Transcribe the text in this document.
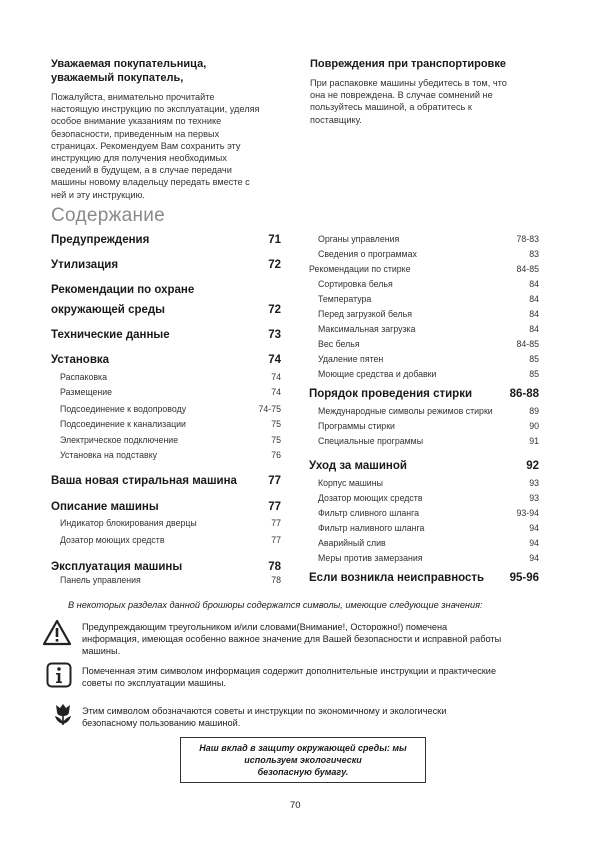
Уважаемая покупательница,
уважаемый покупатель,
Пожалуйста, внимательно прочитайте
настоящую инструкцию по эксплуатации, уделяя
особое внимание указаниям по технике
безопасности, приведенным на первых
страницах. Рекомендуем Вам сохранить эту
инструкцию для получения необходимых
сведений в будущем, а в случае передачи
машины новому владельцу передать вместе с
ней и эту инструкцию.
Повреждения при транспортировке
При распаковке машины убедитесь в том, что
она не повреждена. В случае сомнений не
пользуйтесь машиной, а обратитесь к
поставщику.
Содержание
Предупреждения	71
Утилизация	72
Рекомендации по охране
окружающей среды	72
Технические данные	73
Установка	74
Распаковка	74
Размещение	74
Подсоединение к водопроводу	74-75
Подсоединение к канализации	75
Электрическое подключение	75
Установка на подставку	76
Ваша новая стиральная машина	77
Описание машины	77
Индикатор блокирования дверцы	77
Дозатор моющих средств	77
Эксплуатация машины	78
Панель управления	78
Органы управления	78-83
Сведения о программах	83
Рекомендации по стирке	84-85
Сортировка белья	84
Температура	84
Перед загрузкой белья	84
Максимальная загрузка	84
Вес белья	84-85
Удаление пятен	85
Моющие средства и добавки	85
Порядок проведения стирки	86-88
Международные символы режимов стирки	89
Программы стирки	90
Специальные программы	91
Уход за машиной	92
Корпус машины	93
Дозатор моющих средств	93
Фильтр сливного шланга	93-94
Фильтр наливного шланга	94
Аварийный слив	94
Меры против замерзания	94
Если возникла неисправность 95-96
В некоторых разделах данной брошюры содержатся символы, имеющие следующие значения:
Предупреждающим треугольником и/или словами(Внимание!, Осторожно!) помечена
информация, имеющая особенно важное значение для Вашей безопасности и исправной работы
машины.
Помеченная этим символом информация содержит дополнительные инструкции и практические
советы по эксплуатации машины.
Этим символом обозначаются советы и инструкции по экономичному и экологически
безопасному пользованию машиной.
Наш вклад в защиту окружающей среды: мы
используем экологически
безопасную бумагу.
70
